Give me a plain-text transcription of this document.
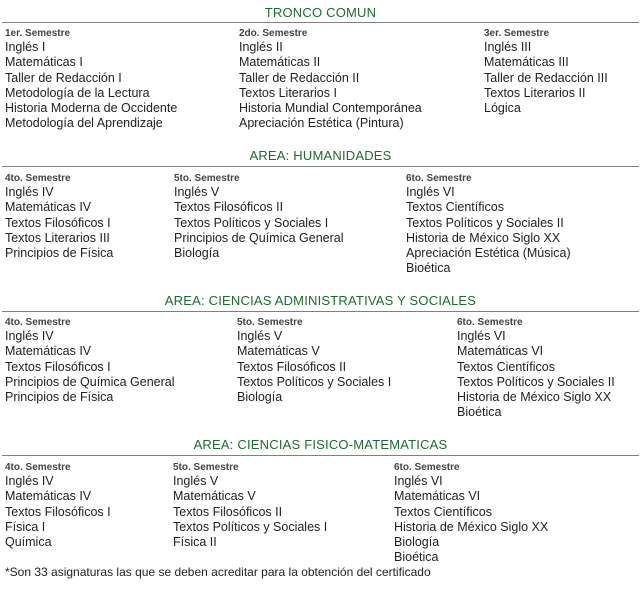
TRONCO COMUN
1er. Semestre
Inglés I
Matemáticas I
Taller de Redacción I
Metodología de la Lectura
Historia Moderna de Occidente
Metodología del Aprendizaje
2do. Semestre
Inglés II
Matemáticas II
Taller de Redacción II
Textos Literarios I
Historia Mundial Contemporánea
Apreciación Estética (Pintura)
3er. Semestre
Inglés III
Matemáticas III
Taller de Redacción III
Textos Literarios II
Lógica
AREA: HUMANIDADES
4to. Semestre
Inglés IV
Matemáticas IV
Textos Filosóficos I
Textos Literarios III
Principios de Física
5to. Semestre
Inglés V
Textos Filosóficos II
Textos Políticos y Sociales I
Principios de Química General
Biología
6to. Semestre
Inglés VI
Textos Científicos
Textos Políticos y Sociales II
Historia de México Siglo XX
Apreciación Estética (Música)
Bioética
AREA: CIENCIAS ADMINISTRATIVAS Y SOCIALES
4to. Semestre
Inglés IV
Matemáticas IV
Textos Filosóficos I
Principios de Química General
Principios de Física
5to. Semestre
Inglés V
Matemáticas V
Textos Filosóficos II
Textos Políticos y Sociales I
Biología
6to. Semestre
Inglés VI
Matemáticas VI
Textos Científicos
Textos Políticos y Sociales II
Historia de México Siglo XX
Bioética
AREA: CIENCIAS FISICO-MATEMATICAS
4to. Semestre
Inglés IV
Matemáticas IV
Textos Filosóficos I
Física I
Química
5to. Semestre
Inglés V
Matemáticas V
Textos Filosóficos II
Textos Políticos y Sociales I
Física II
6to. Semestre
Inglés VI
Matemáticas VI
Textos Científicos
Historia de México Siglo XX
Biología
Bioética
*Son 33 asignaturas las que se deben acreditar para la obtención del certificado
